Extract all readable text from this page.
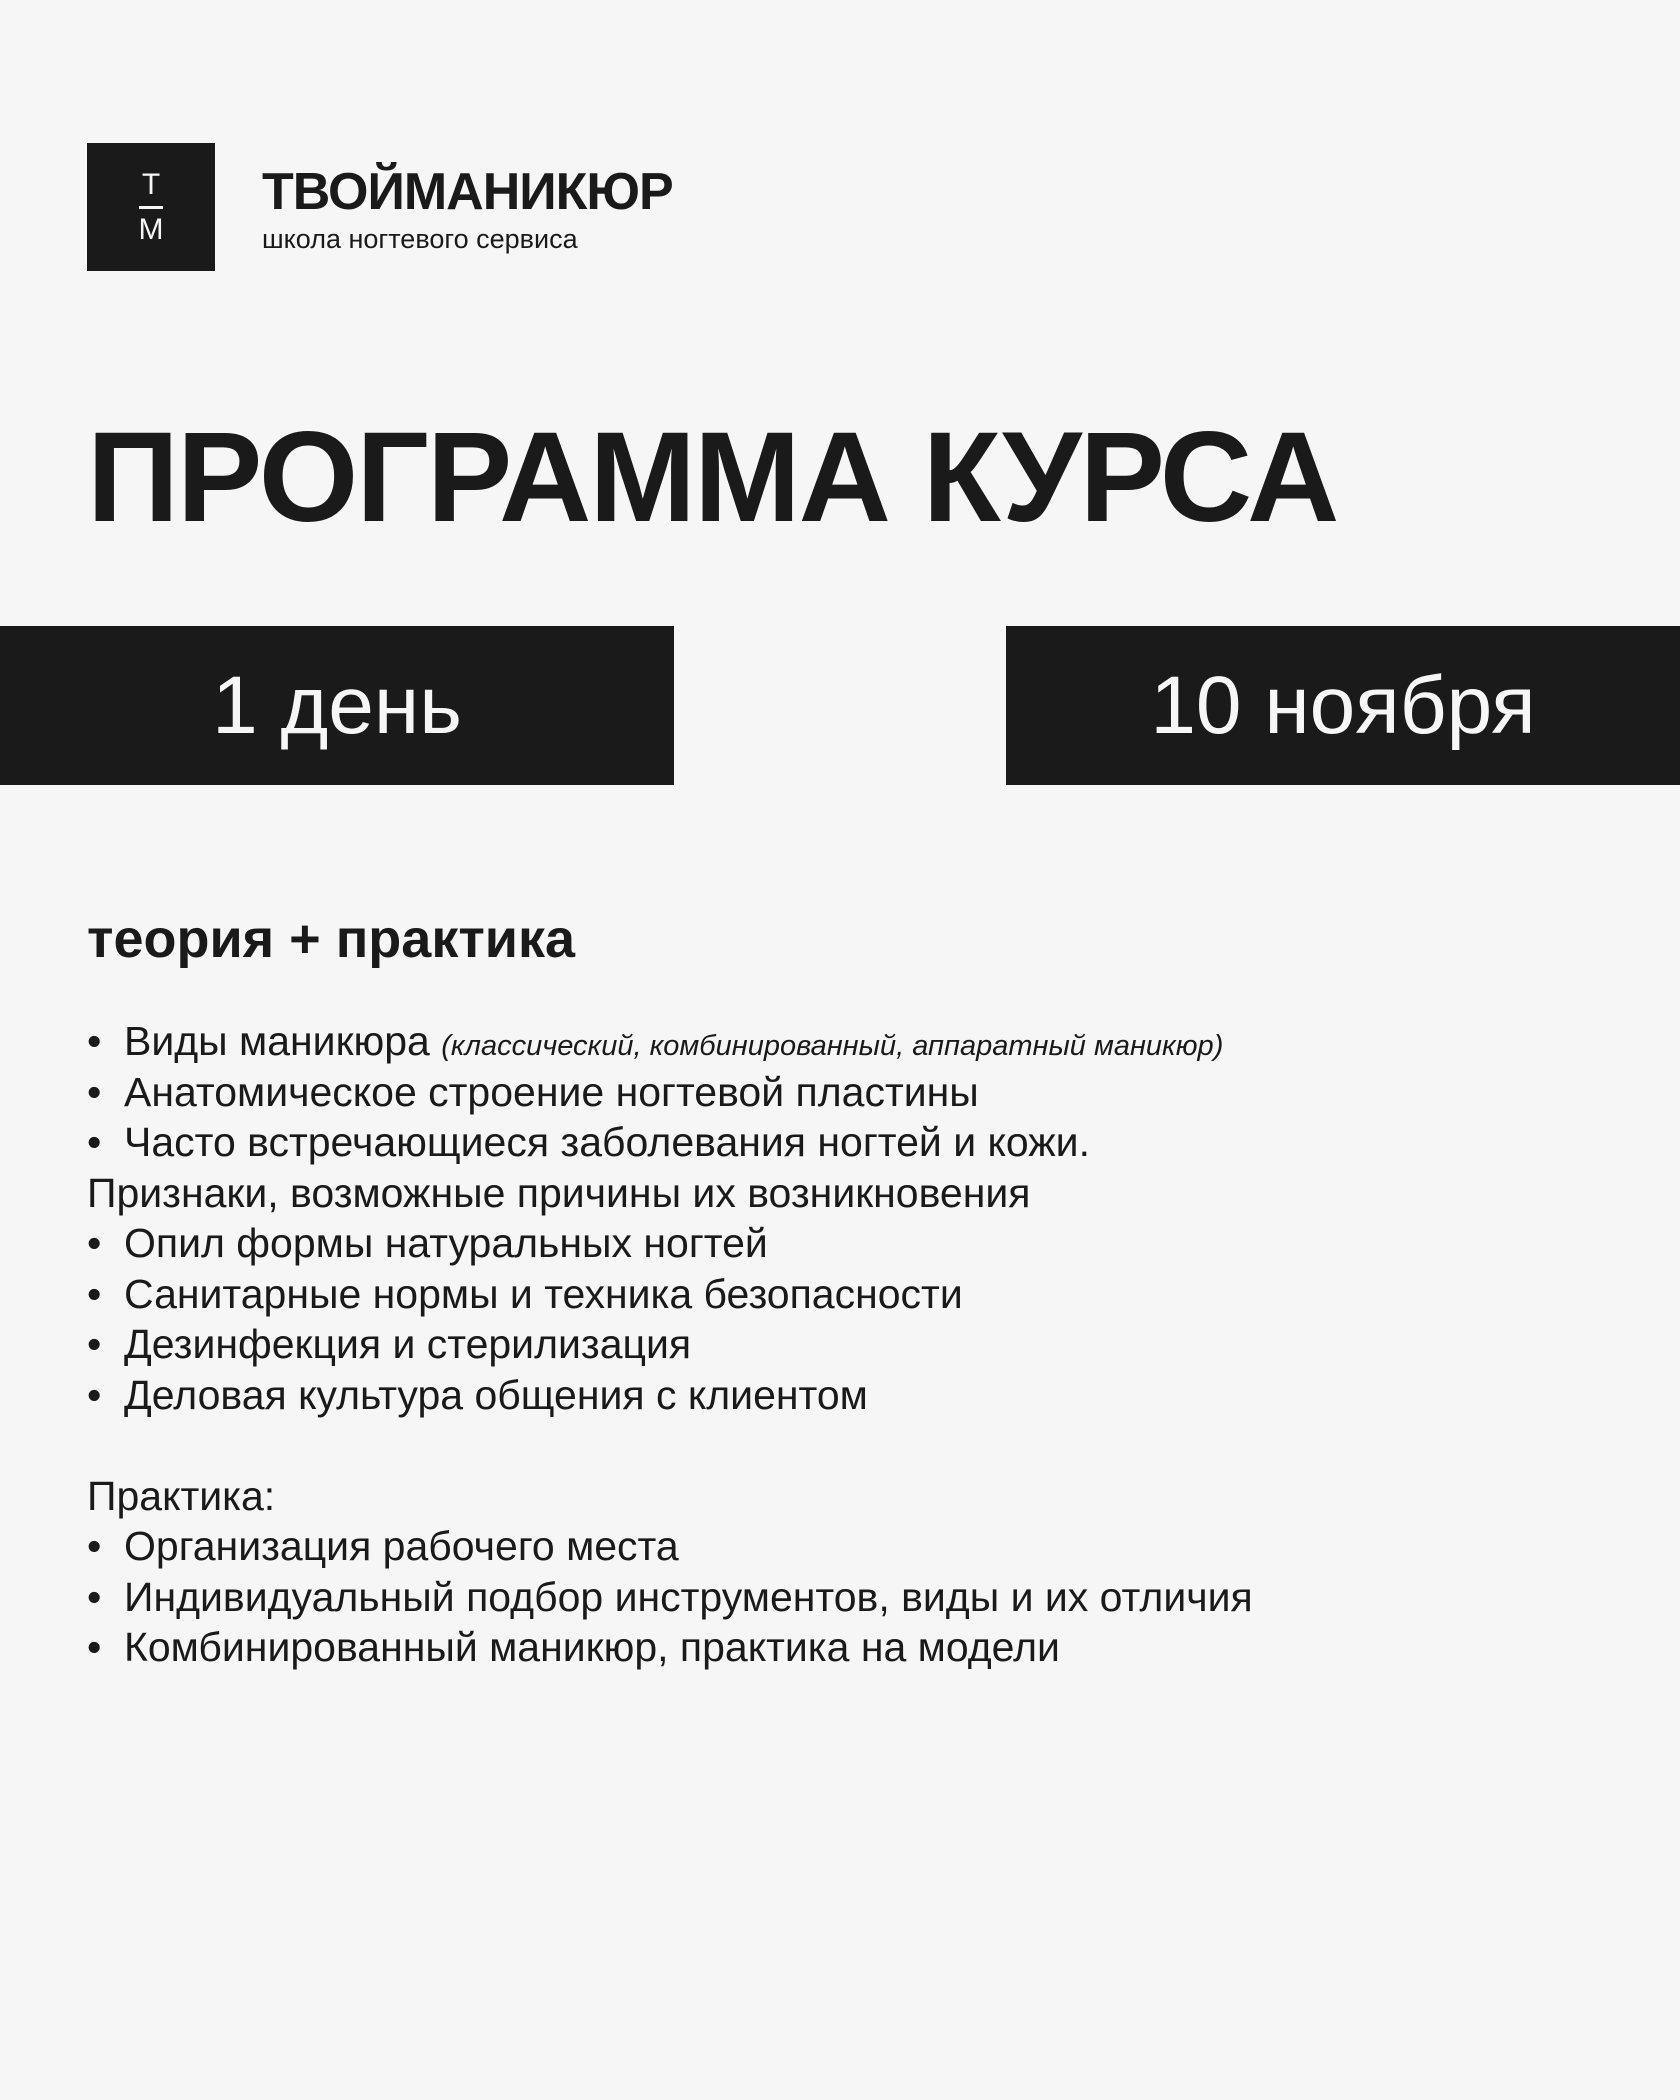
Т
М
ТВОЙМАНИКЮР
школа ногтевого сервиса
ПРОГРАММА КУРСА
1 день	10 ноября
теория + практика
• Виды маникюра (классический, комбинированный, аппаратный маникюр)
• Анатомическое строение ногтевой пластины
• Часто встречающиеся заболевания ногтей и кожи.
Признаки, возможные причины их возникновения
• Опил формы натуральных ногтей
• Санитарные нормы и техника безопасности
• Дезинфекция и стерилизация
• Деловая культура общения с клиентом
Практика:
• Организация рабочего места
• Индивидуальный подбор инструментов, виды и их отличия
• Комбинированный маникюр, практика на модели
